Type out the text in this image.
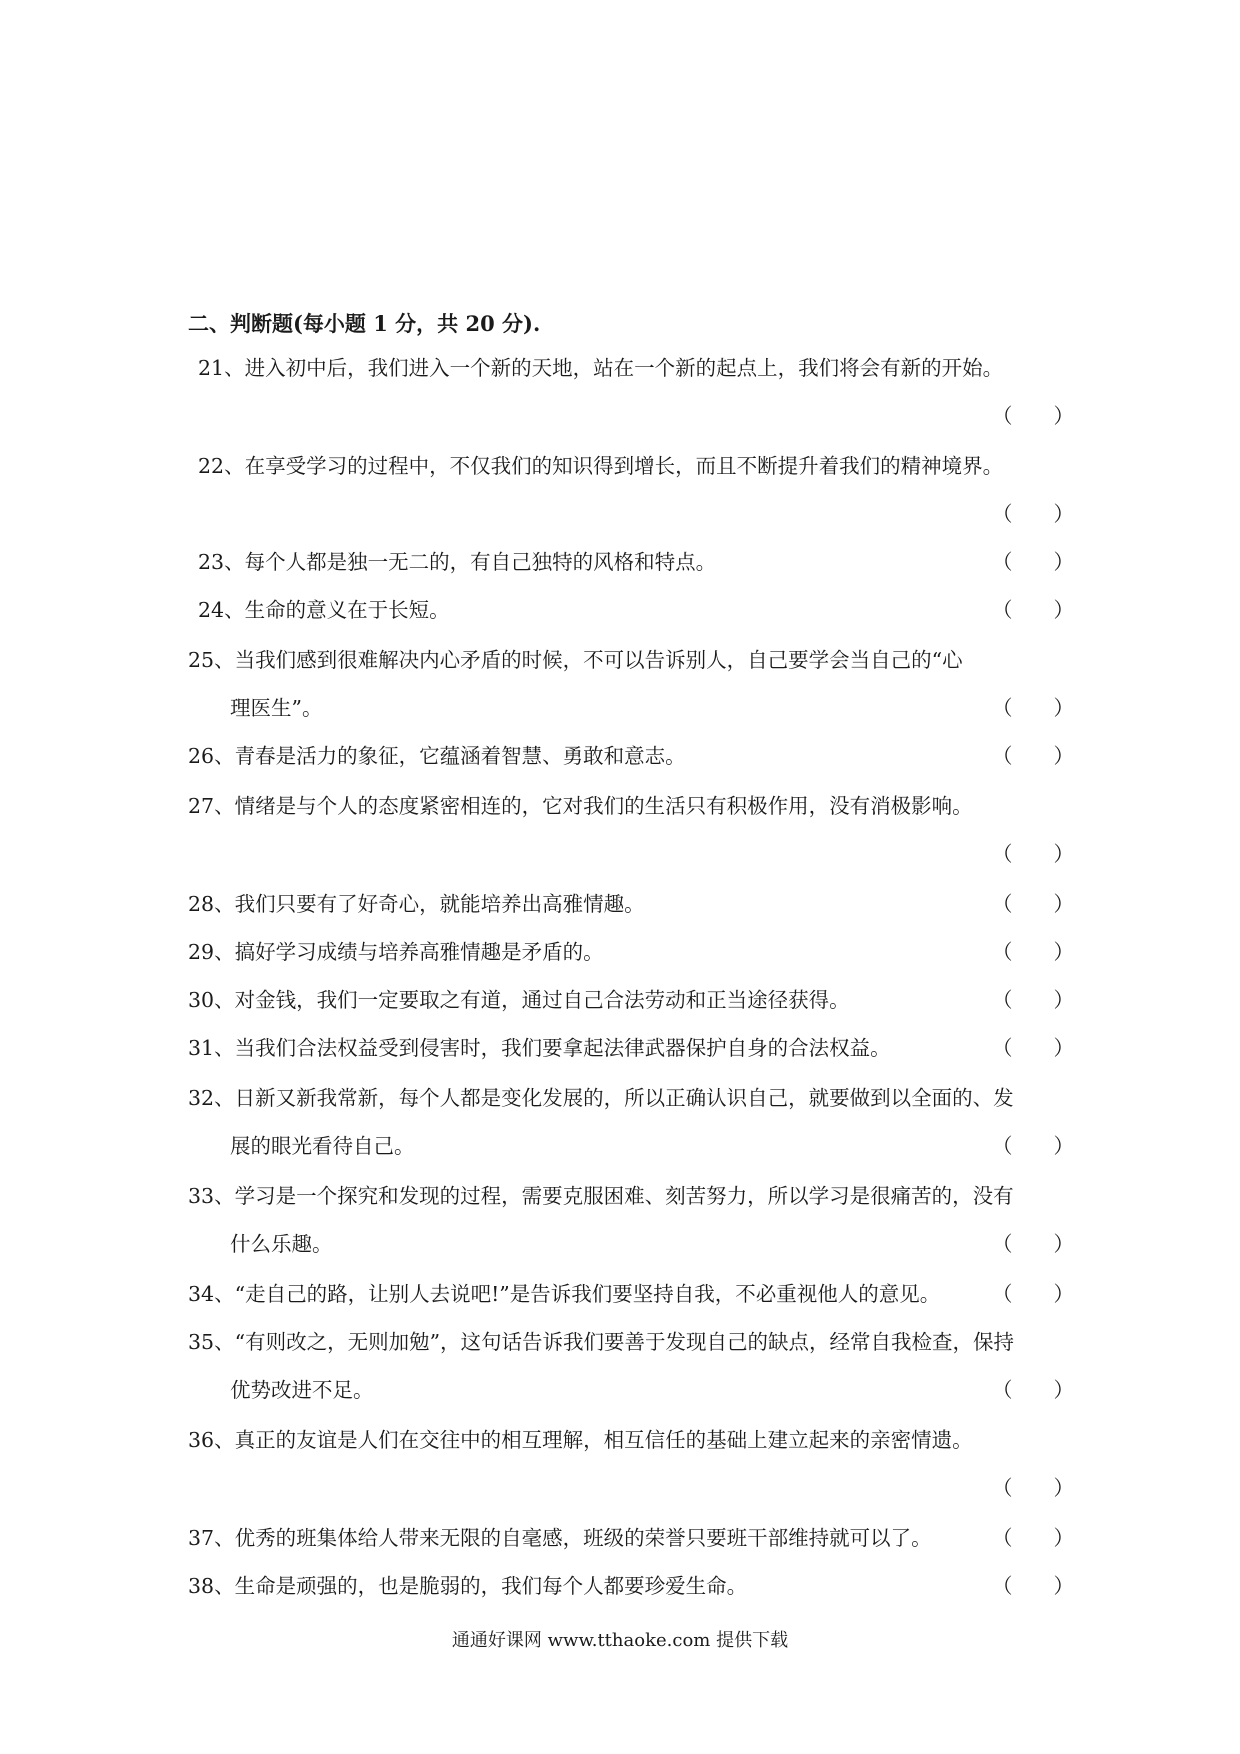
二、判断题(每小题 1 分，共 20 分).
21、进入初中后，我们进入一个新的天地，站在一个新的起点上，我们将会有新的开始。
（　　）
22、在享受学习的过程中，不仅我们的知识得到增长，而且不断提升着我们的精神境界。
（　　）
23、每个人都是独一无二的，有自己独特的风格和特点。	（　　）
24、生命的意义在于长短。	（　　）
25、当我们感到很难解决内心矛盾的时候，不可以告诉别人，自己要学会当自己的“心
理医生”。	（　　）
26、青春是活力的象征，它蕴涵着智慧、勇敢和意志。	（　　）
27、情绪是与个人的态度紧密相连的，它对我们的生活只有积极作用，没有消极影响。
（　　）
28、我们只要有了好奇心，就能培养出高雅情趣。	（　　）
29、搞好学习成绩与培养高雅情趣是矛盾的。	（　　）
30、对金钱，我们一定要取之有道，通过自己合法劳动和正当途径获得。	（　　）
31、当我们合法权益受到侵害时，我们要拿起法律武器保护自身的合法权益。	（　　）
32、日新又新我常新，每个人都是变化发展的，所以正确认识自己，就要做到以全面的、发
展的眼光看待自己。	（　　）
33、学习是一个探究和发现的过程，需要克服困难、刻苦努力，所以学习是很痛苦的，没有
什么乐趣。	（　　）
34、“走自己的路，让别人去说吧!”是告诉我们要坚持自我，不必重视他人的意见。	（　　）
35、“有则改之，无则加勉”，这句话告诉我们要善于发现自己的缺点，经常自我检查，保持
优势改进不足。	（　　）
36、真正的友谊是人们在交往中的相互理解，相互信任的基础上建立起来的亲密情遗。
（　　）
37、优秀的班集体给人带来无限的自毫感，班级的荣誉只要班干部维持就可以了。	（　　）
38、生命是顽强的，也是脆弱的，我们每个人都要珍爱生命。	（　　）
通通好课网 www.tthaoke.com 提供下载
